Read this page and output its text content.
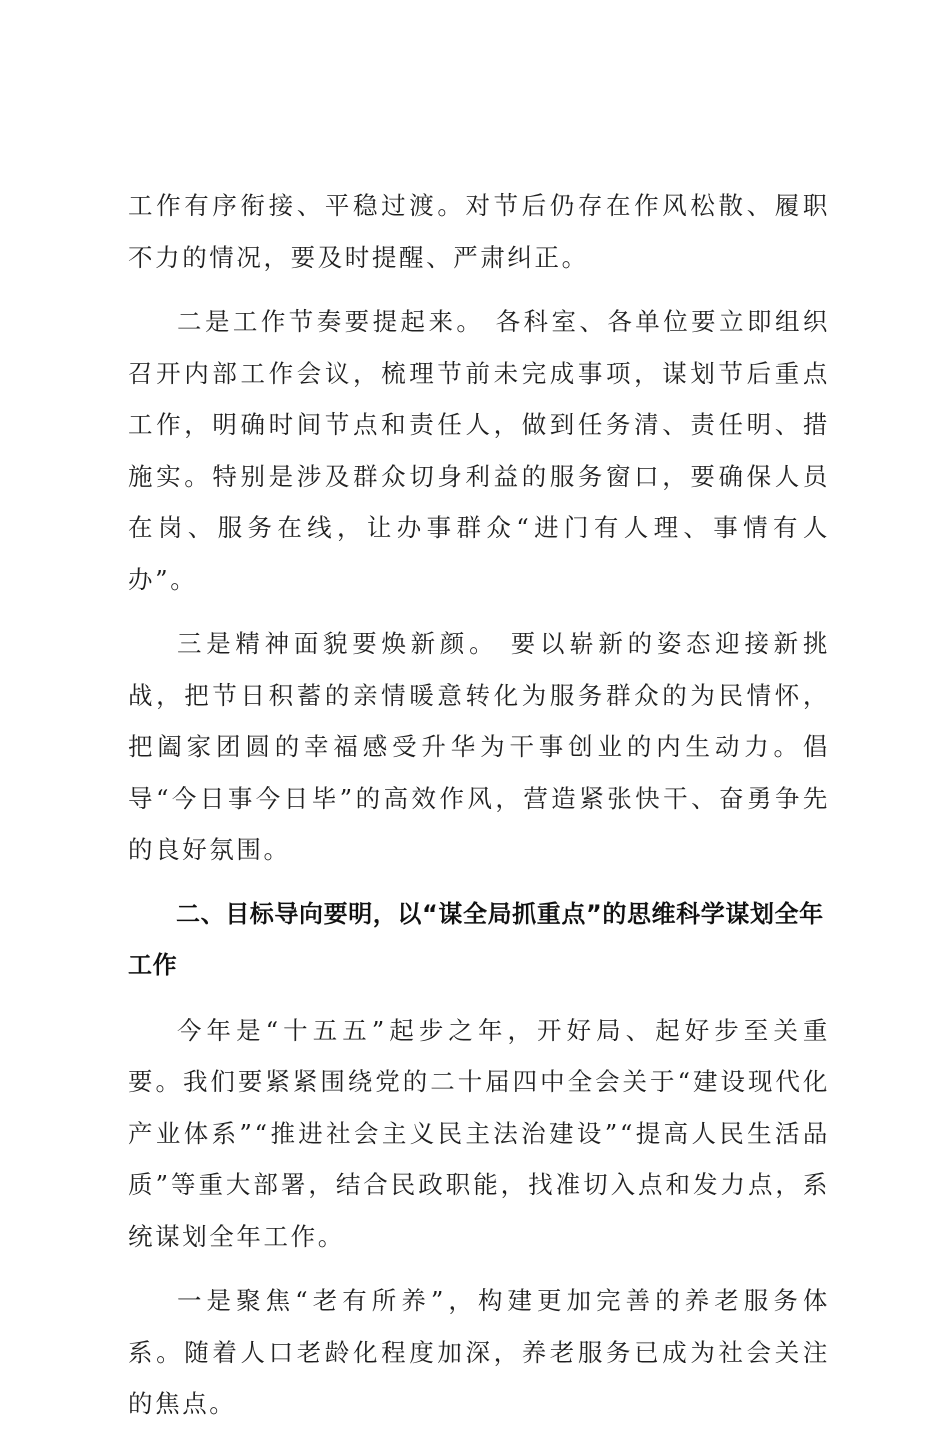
工作有序衔接、平稳过渡。对节后仍存在作风松散、履职不力的情况，要及时提醒、严肃纠正。

二是工作节奏要提起来。 各科室、各单位要立即组织召开内部工作会议，梳理节前未完成事项，谋划节后重点工作，明确时间节点和责任人，做到任务清、责任明、措施实。特别是涉及群众切身利益的服务窗口，要确保人员在岗、服务在线，让办事群众“进门有人理、事情有人办”。

三是精神面貌要焕新颜。 要以崭新的姿态迎接新挑战，把节日积蓄的亲情暖意转化为服务群众的为民情怀，把阖家团圆的幸福感受升华为干事创业的内生动力。倡导“今日事今日毕”的高效作风，营造紧张快干、奋勇争先的良好氛围。

二、目标导向要明，以“谋全局抓重点”的思维科学谋划全年工作

今年是“十五五”起步之年，开好局、起好步至关重要。我们要紧紧围绕党的二十届四中全会关于“建设现代化产业体系”“推进社会主义民主法治建设”“提高人民生活品质”等重大部署，结合民政职能，找准切入点和发力点，系统谋划全年工作。

一是聚焦“老有所养”，构建更加完善的养老服务体系。随着人口老龄化程度加深，养老服务已成为社会关注的焦点。
